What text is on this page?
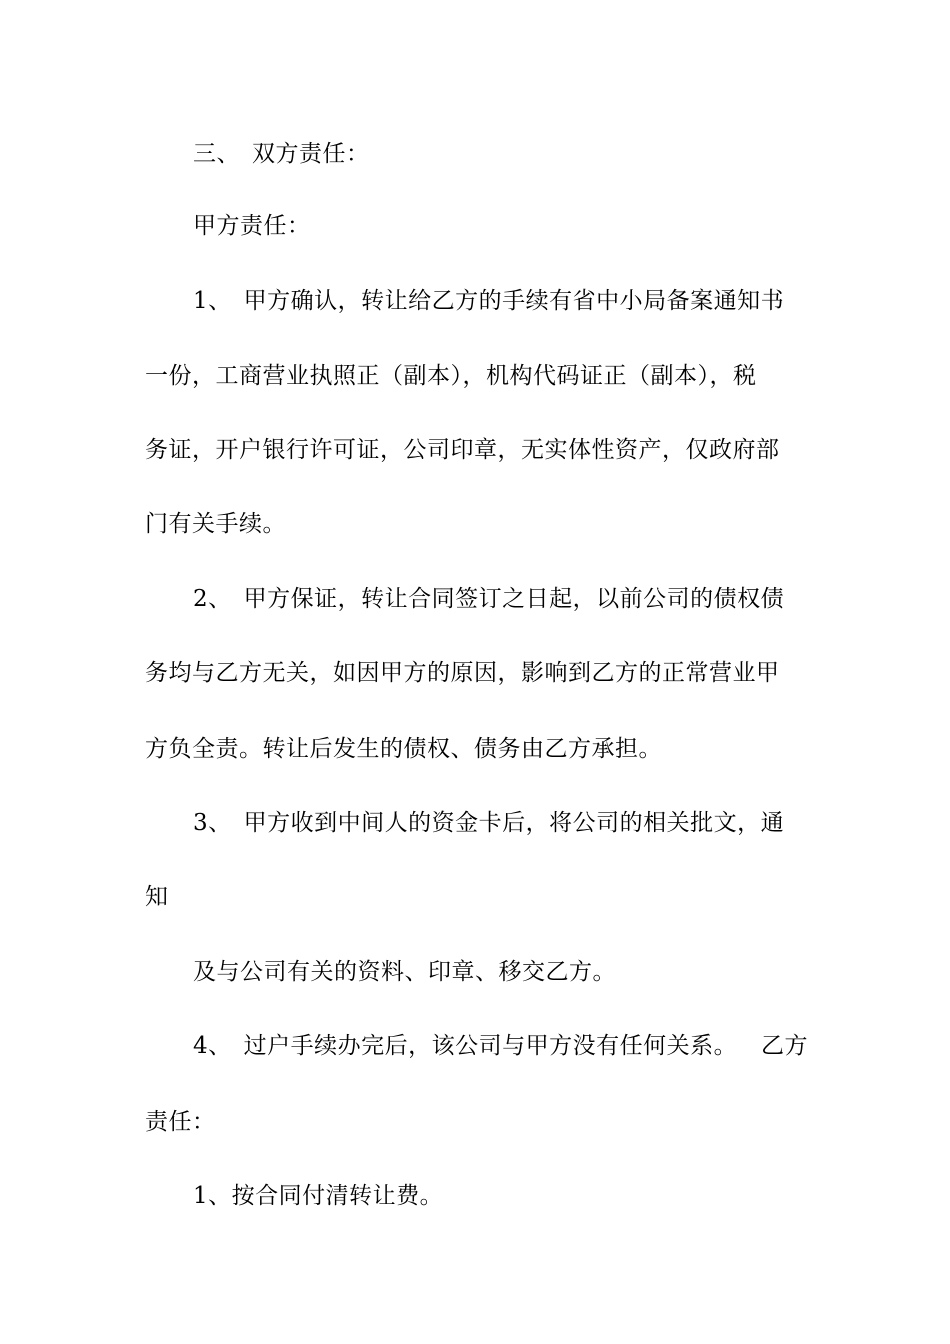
三、　双方责任：
甲方责任：
1、　甲方确认，转让给乙方的手续有省中小局备案通知书
一份，工商营业执照正（副本），机构代码证正（副本），税
务证，开户银行许可证，公司印章，无实体性资产，仅政府部
门有关手续。
2、　甲方保证，转让合同签订之日起，以前公司的债权债
务均与乙方无关，如因甲方的原因，影响到乙方的正常营业甲
方负全责。转让后发生的债权、债务由乙方承担。
3、　甲方收到中间人的资金卡后，将公司的相关批文，通
知
及与公司有关的资料、印章、移交乙方。
4、　过户手续办完后，该公司与甲方没有任何关系。 乙方
责任：
1、按合同付清转让费。
